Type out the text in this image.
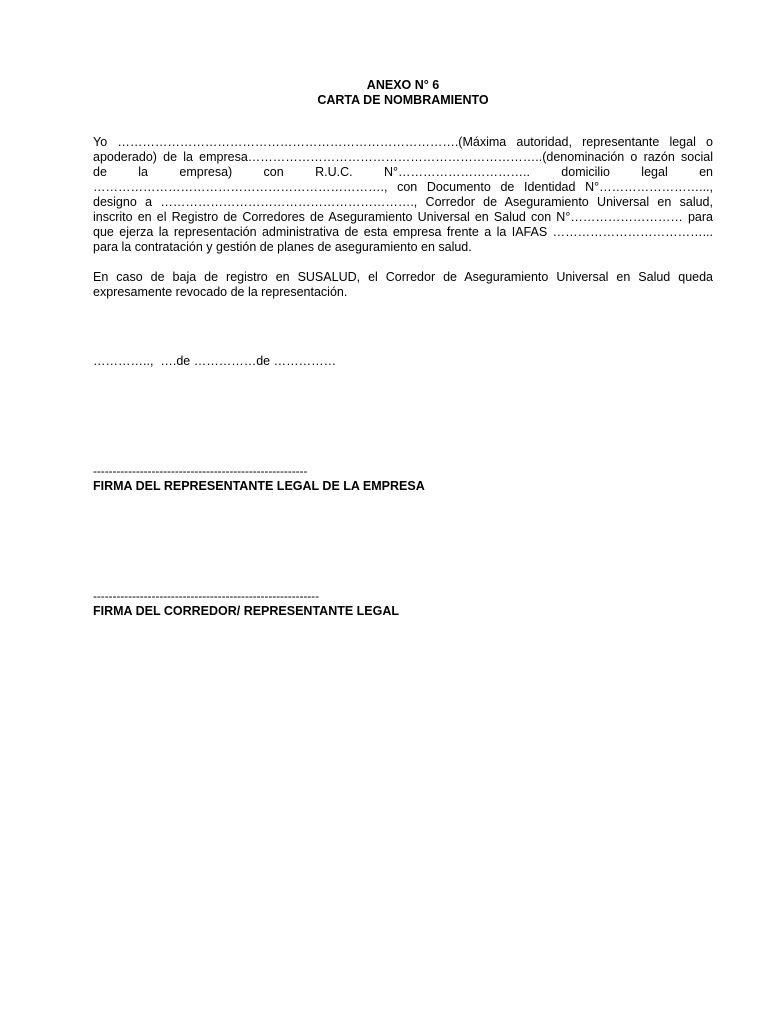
ANEXO N° 6
CARTA DE NOMBRAMIENTO
Yo ……………………………………………………………………….(Máxima autoridad, representante legal o apoderado) de la empresa……………………………………………………………..(denominación o razón social de la empresa) con R.U.C. N°………………………….. domicilio legal en ……………………………………………………………., con Documento de Identidad N°……………………..., designo a ……………………………………………………., Corredor de Aseguramiento Universal en salud, inscrito en el Registro de Corredores de Aseguramiento Universal en Salud con N°……………………… para que ejerza la representación administrativa de esta empresa frente a la IAFAS ………………………………... para la contratación y gestión de planes de aseguramiento en salud.
En caso de baja de registro en SUSALUD, el Corredor de Aseguramiento Universal en Salud queda expresamente revocado de la representación.
…………..,  ….de ……………de ……………
-------------------------------------------------------
FIRMA DEL REPRESENTANTE LEGAL DE LA EMPRESA
----------------------------------------------------------
FIRMA DEL CORREDOR/ REPRESENTANTE LEGAL
